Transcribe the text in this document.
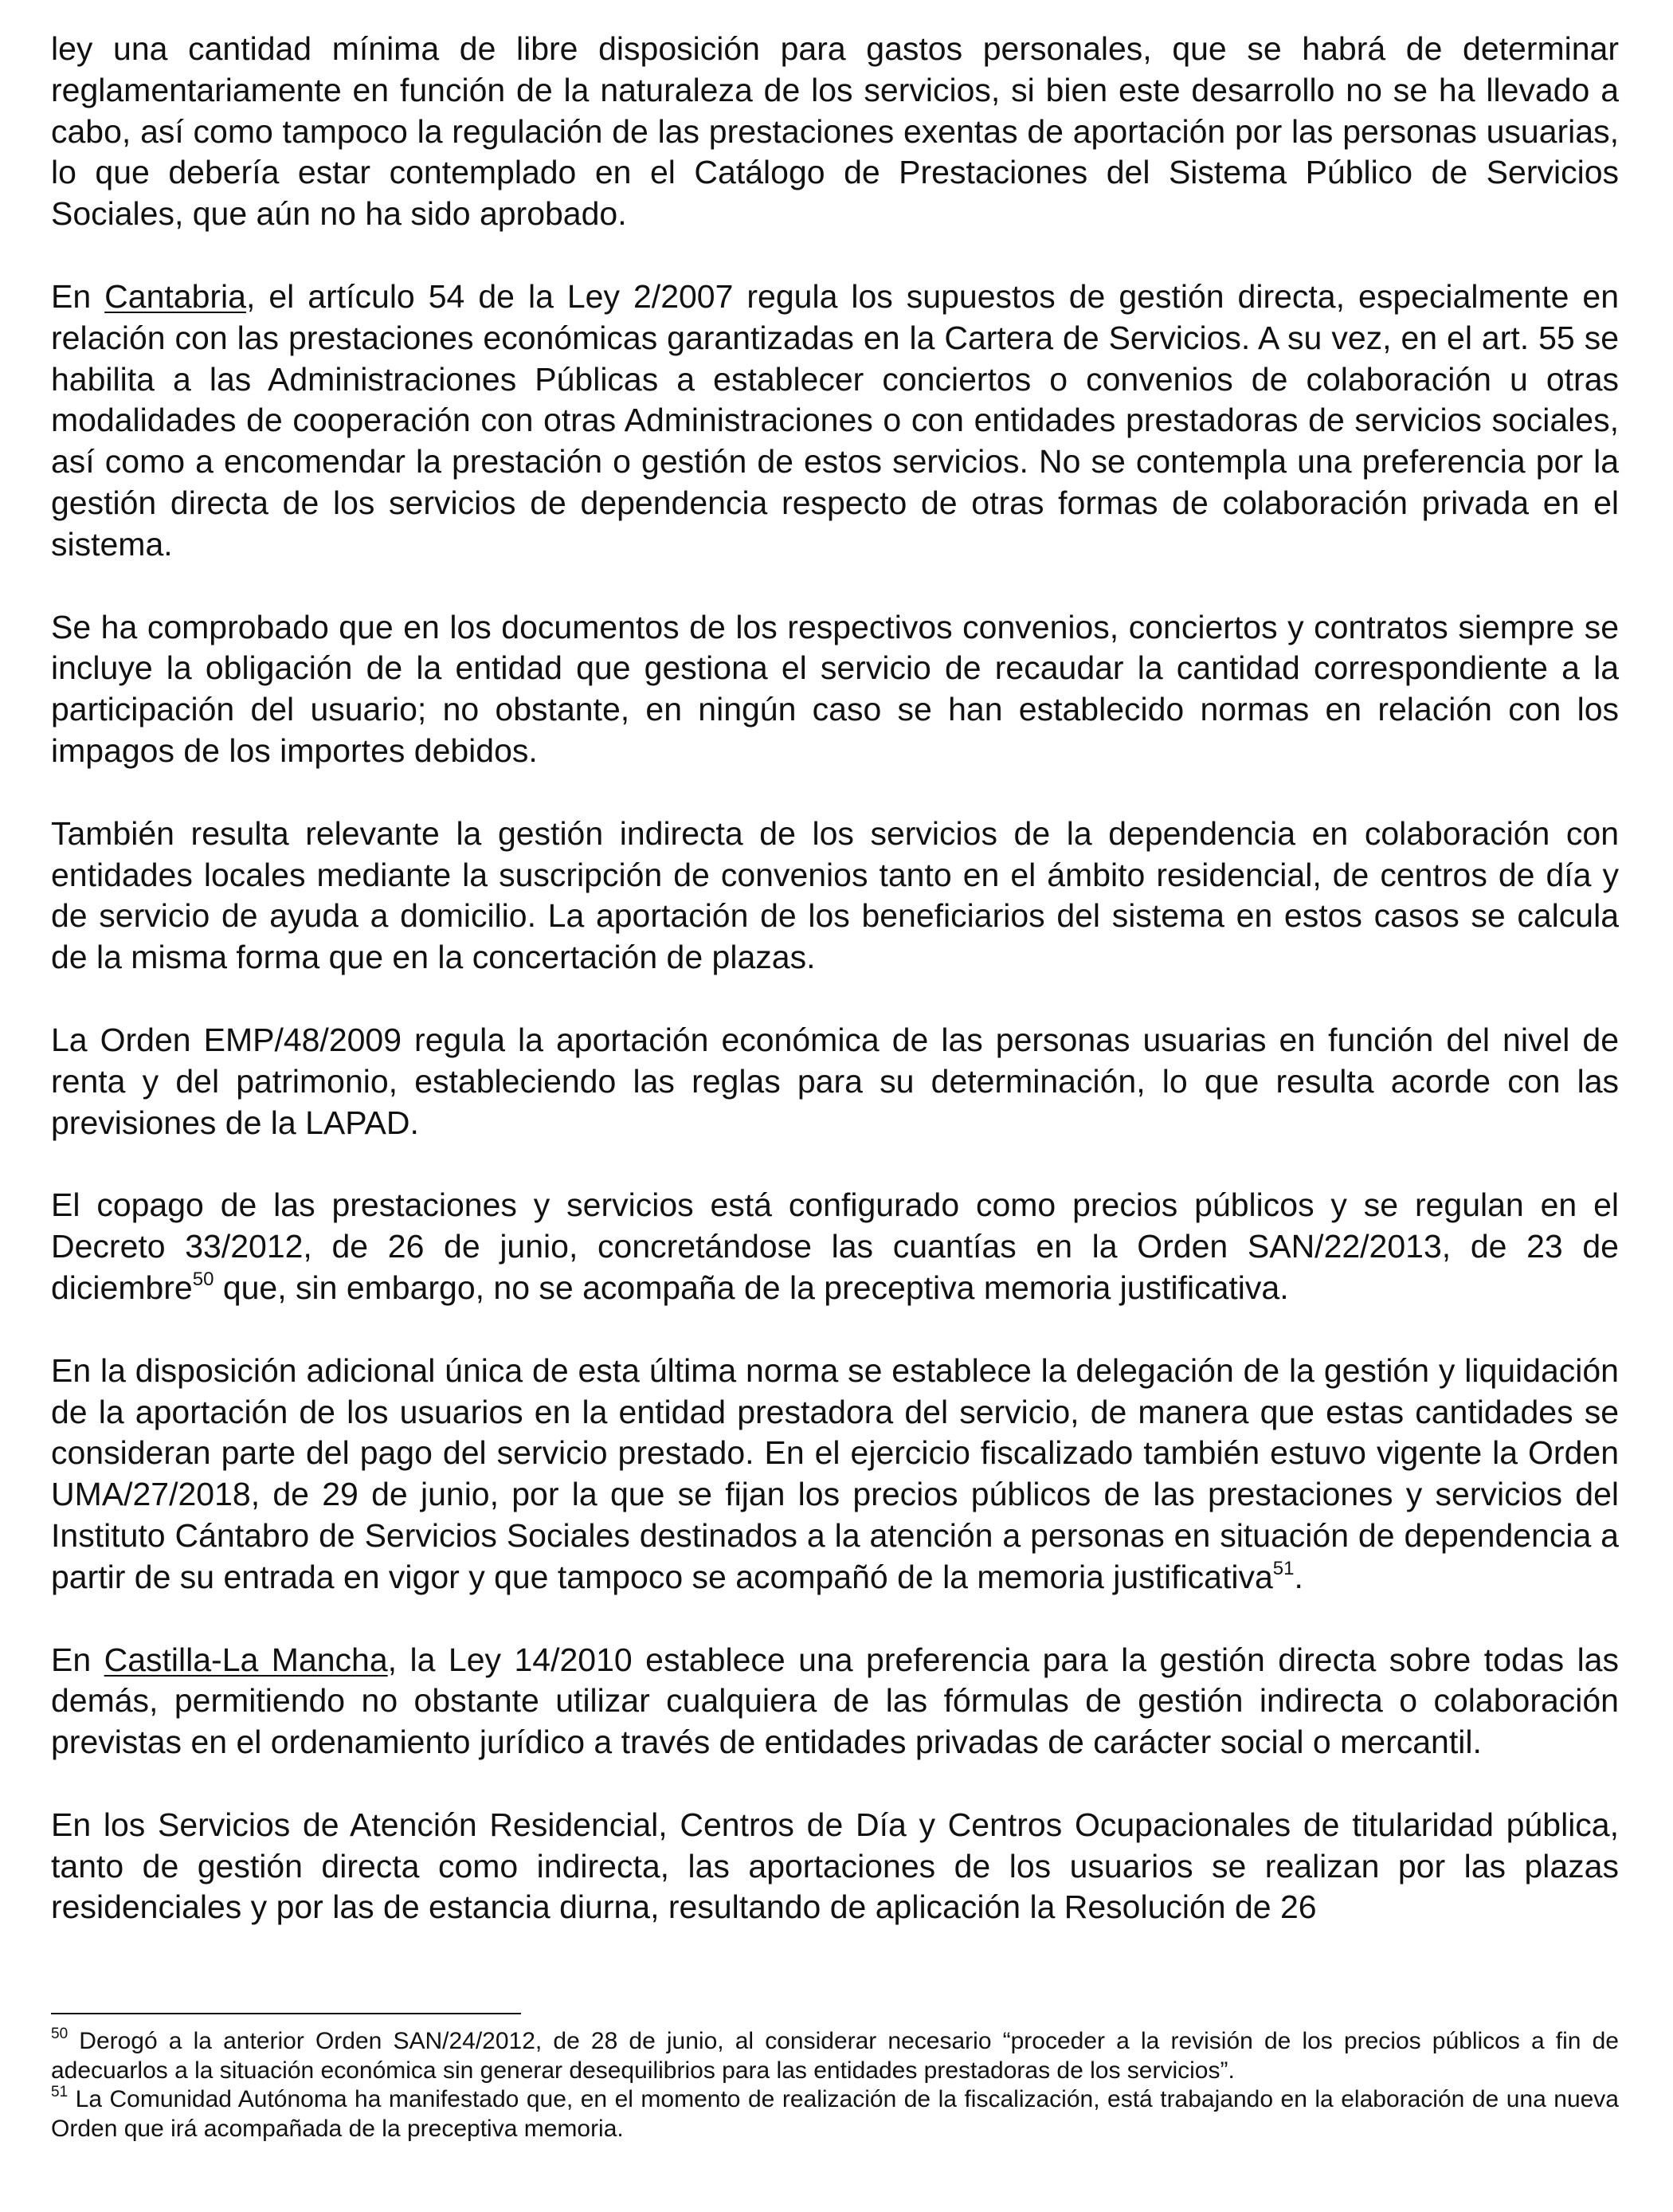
ley una cantidad mínima de libre disposición para gastos personales, que se habrá de determinar reglamentariamente en función de la naturaleza de los servicios, si bien este desarrollo no se ha llevado a cabo, así como tampoco la regulación de las prestaciones exentas de aportación por las personas usuarias, lo que debería estar contemplado en el Catálogo de Prestaciones del Sistema Público de Servicios Sociales, que aún no ha sido aprobado.

En Cantabria, el artículo 54 de la Ley 2/2007 regula los supuestos de gestión directa, especialmente en relación con las prestaciones económicas garantizadas en la Cartera de Servicios. A su vez, en el art. 55 se habilita a las Administraciones Públicas a establecer conciertos o convenios de colaboración u otras modalidades de cooperación con otras Administraciones o con entidades prestadoras de servicios sociales, así como a encomendar la prestación o gestión de estos servicios. No se contempla una preferencia por la gestión directa de los servicios de dependencia respecto de otras formas de colaboración privada en el sistema.

Se ha comprobado que en los documentos de los respectivos convenios, conciertos y contratos siempre se incluye la obligación de la entidad que gestiona el servicio de recaudar la cantidad correspondiente a la participación del usuario; no obstante, en ningún caso se han establecido normas en relación con los impagos de los importes debidos.

También resulta relevante la gestión indirecta de los servicios de la dependencia en colaboración con entidades locales mediante la suscripción de convenios tanto en el ámbito residencial, de centros de día y de servicio de ayuda a domicilio. La aportación de los beneficiarios del sistema en estos casos se calcula de la misma forma que en la concertación de plazas.

La Orden EMP/48/2009 regula la aportación económica de las personas usuarias en función del nivel de renta y del patrimonio, estableciendo las reglas para su determinación, lo que resulta acorde con las previsiones de la LAPAD.

El copago de las prestaciones y servicios está configurado como precios públicos y se regulan en el Decreto 33/2012, de 26 de junio, concretándose las cuantías en la Orden SAN/22/2013, de 23 de diciembre$^{50}$ que, sin embargo, no se acompaña de la preceptiva memoria justificativa.

En la disposición adicional única de esta última norma se establece la delegación de la gestión y liquidación de la aportación de los usuarios en la entidad prestadora del servicio, de manera que estas cantidades se consideran parte del pago del servicio prestado. En el ejercicio fiscalizado también estuvo vigente la Orden UMA/27/2018, de 29 de junio, por la que se fijan los precios públicos de las prestaciones y servicios del Instituto Cántabro de Servicios Sociales destinados a la atención a personas en situación de dependencia a partir de su entrada en vigor y que tampoco se acompañó de la memoria justificativa$^{51}$.

En Castilla-La Mancha, la Ley 14/2010 establece una preferencia para la gestión directa sobre todas las demás, permitiendo no obstante utilizar cualquiera de las fórmulas de gestión indirecta o colaboración previstas en el ordenamiento jurídico a través de entidades privadas de carácter social o mercantil.

En los Servicios de Atención Residencial, Centros de Día y Centros Ocupacionales de titularidad pública, tanto de gestión directa como indirecta, las aportaciones de los usuarios se realizan por las plazas residenciales y por las de estancia diurna, resultando de aplicación la Resolución de 26

$^{50}$ Derogó a la anterior Orden SAN/24/2012, de 28 de junio, al considerar necesario “proceder a la revisión de los precios públicos a fin de adecuarlos a la situación económica sin generar desequilibrios para las entidades prestadoras de los servicios”.

$^{51}$ La Comunidad Autónoma ha manifestado que, en el momento de realización de la fiscalización, está trabajando en la elaboración de una nueva Orden que irá acompañada de la preceptiva memoria.
